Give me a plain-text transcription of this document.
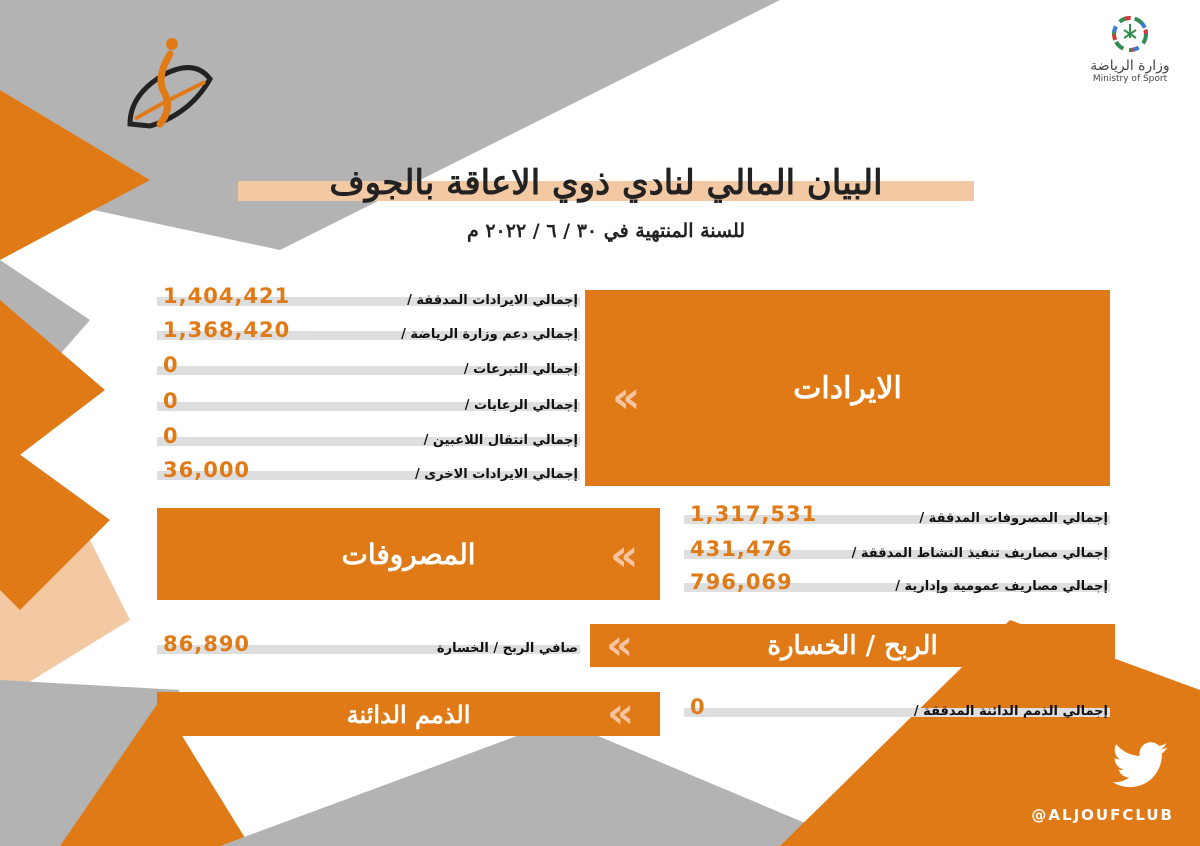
وزارة الرياضة
Ministry of Sport
البيان المالي لنادي ذوي الاعاقة بالجوف
للسنة المنتهية في ٣٠ / ٦ / ٢٠٢٢ م
الايرادات
«
1,404,421	إجمالي الايرادات المدققة /
1,368,420	إجمالي دعم وزارة الرياضة /
0	إجمالي التبرعات /
0	إجمالي الرعايات /
0	إجمالي انتقال اللاعبين /
36,000	إجمالي الايرادات الاخرى /
المصروفات	«
1,317,531	إجمالي المصروفات المدققة /
431,476	إجمالي مصاريف تنفيذ النشاط المدققة /
796,069	إجمالي مصاريف عمومية وإدارية /
الربح / الخسارة
«
86,890	صافي الربح / الخسارة
الذمم الدائنة	«	0	إجمالي الذمم الدائنة المدققة /
@ALJOUFCLUB
